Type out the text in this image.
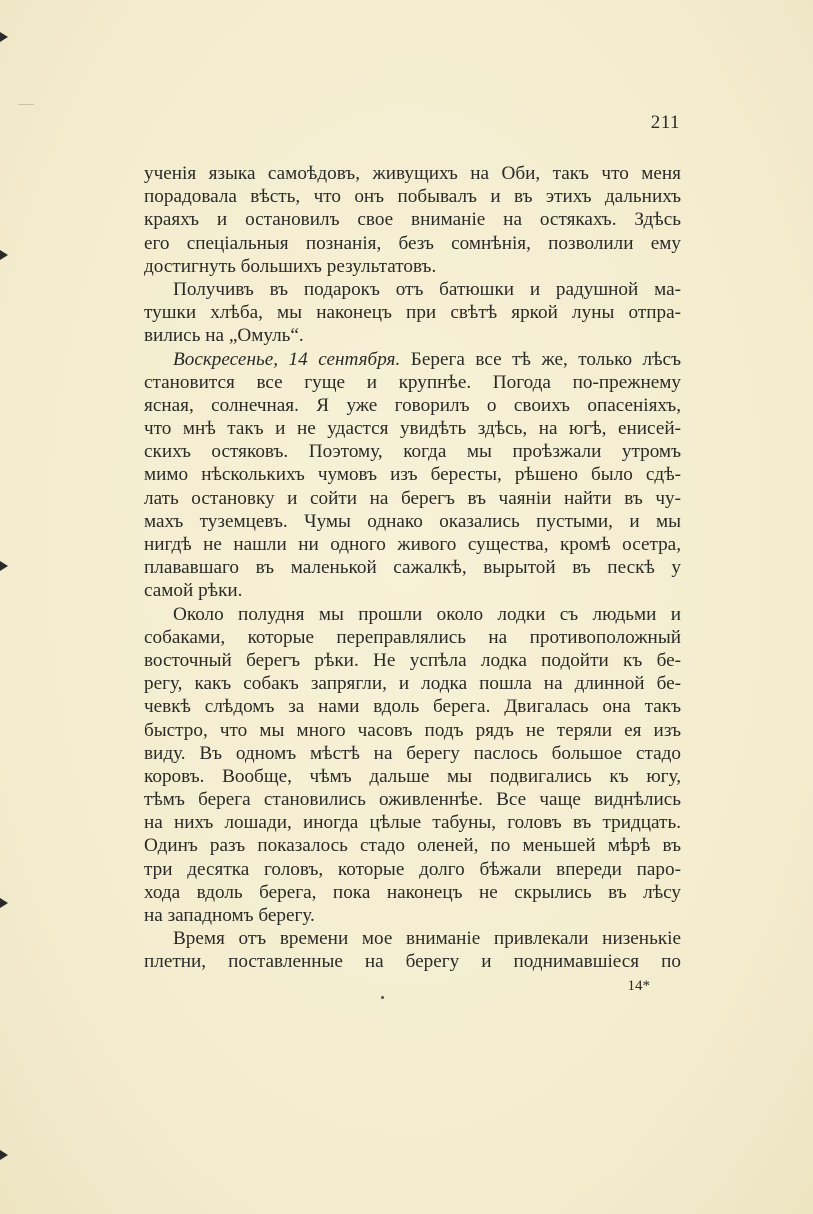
211
ученія языка самоѣдовъ, живущихъ на Оби, такъ что меня
порадовала вѣсть, что онъ побывалъ и въ этихъ дальнихъ
краяхъ и остановилъ свое вниманіе на остякахъ. Здѣсь
его спеціальныя познанія, безъ сомнѣнія, позволили ему
достигнуть большихъ результатовъ.
Получивъ въ подарокъ отъ батюшки и радушной ма-
тушки хлѣба, мы наконецъ при свѣтѣ яркой луны отпра-
вились на „Омуль“.
Воскресенье, 14 сентября. Берега все тѣ же, только лѣсъ
становится все гуще и крупнѣе. Погода по-прежнему
ясная, солнечная. Я уже говорилъ о своихъ опасеніяхъ,
что мнѣ такъ и не удастся увидѣть здѣсь, на югѣ, енисей-
скихъ остяковъ. Поэтому, когда мы проѣзжали утромъ
мимо нѣсколькихъ чумовъ изъ бересты, рѣшено было сдѣ-
лать остановку и сойти на берегъ въ чаяніи найти въ чу-
махъ туземцевъ. Чумы однако оказались пустыми, и мы
нигдѣ не нашли ни одного живого существа, кромѣ осетра,
плававшаго въ маленькой сажалкѣ, вырытой въ пескѣ у
самой рѣки.
Около полудня мы прошли около лодки съ людьми и
собаками, которые переправлялись на противоположный
восточный берегъ рѣки. Не успѣла лодка подойти къ бе-
регу, какъ собакъ запрягли, и лодка пошла на длинной бе-
чевкѣ слѣдомъ за нами вдоль берега. Двигалась она такъ
быстро, что мы много часовъ подъ рядъ не теряли ея изъ
виду. Въ одномъ мѣстѣ на берегу паслось большое стадо
коровъ. Вообще, чѣмъ дальше мы подвигались къ югу,
тѣмъ берега становились оживленнѣе. Все чаще виднѣлись
на нихъ лошади, иногда цѣлые табуны, головъ въ тридцать.
Одинъ разъ показалось стадо оленей, по меньшей мѣрѣ въ
три десятка головъ, которые долго бѣжали впереди паро-
хода вдоль берега, пока наконецъ не скрылись въ лѣсу
на западномъ берегу.
Время отъ времени мое вниманіе привлекали низенькіе
плетни, поставленные на берегу и поднимавшіеся по
14*
